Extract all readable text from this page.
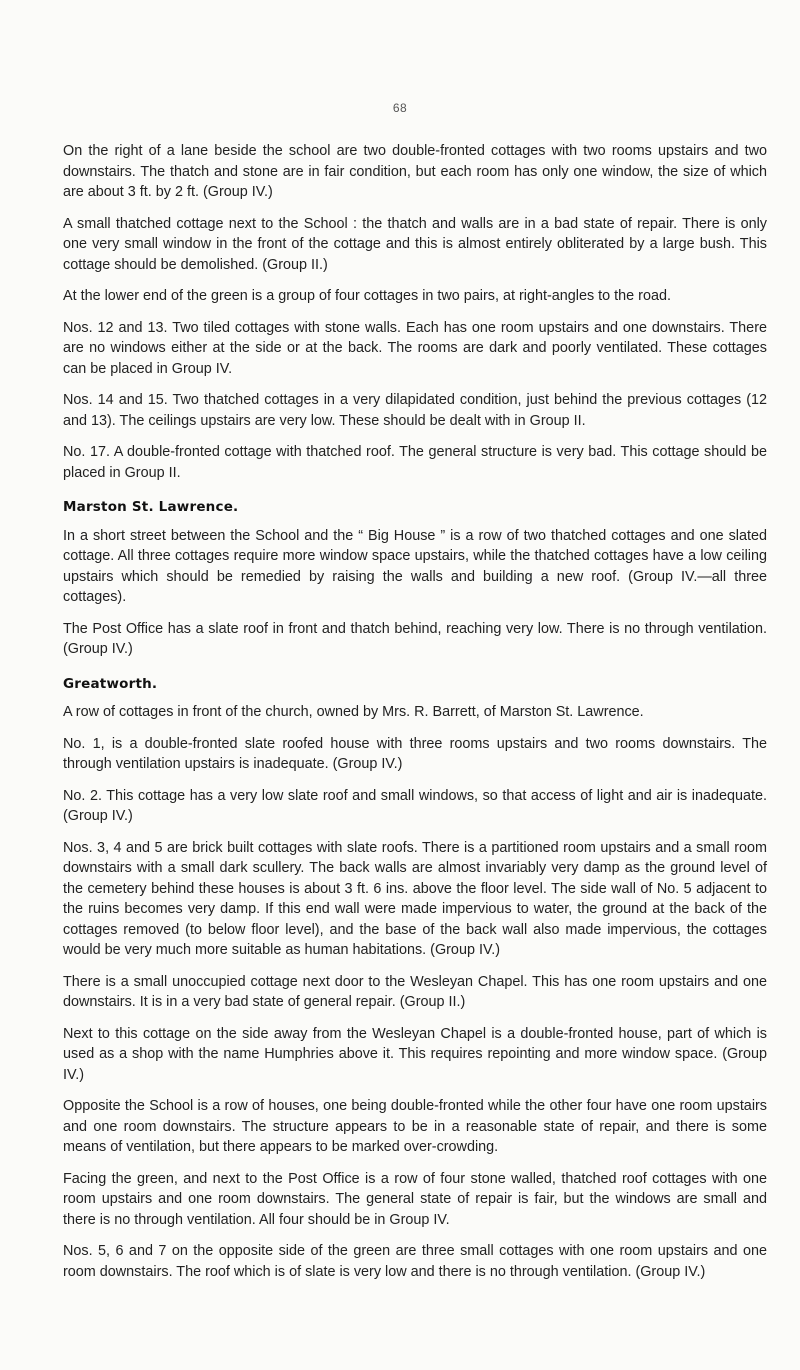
68

On the right of a lane beside the school are two double-fronted cottages with two rooms upstairs and two downstairs. The thatch and stone are in fair condition, but each room has only one window, the size of which are about 3 ft. by 2 ft. (Group IV.)

A small thatched cottage next to the School : the thatch and walls are in a bad state of repair. There is only one very small window in the front of the cottage and this is almost entirely obliterated by a large bush. This cottage should be demolished. (Group II.)

At the lower end of the green is a group of four cottages in two pairs, at right-angles to the road.

Nos. 12 and 13. Two tiled cottages with stone walls. Each has one room upstairs and one downstairs. There are no windows either at the side or at the back. The rooms are dark and poorly ventilated. These cottages can be placed in Group IV.

Nos. 14 and 15. Two thatched cottages in a very dilapidated condition, just behind the previous cottages (12 and 13). The ceilings upstairs are very low. These should be dealt with in Group II.

No. 17. A double-fronted cottage with thatched roof. The general structure is very bad. This cottage should be placed in Group II.

Marston St. Lawrence.

In a short street between the School and the “ Big House ” is a row of two thatched cottages and one slated cottage. All three cottages require more window space upstairs, while the thatched cottages have a low ceiling upstairs which should be remedied by raising the walls and building a new roof. (Group IV.—all three cottages).

The Post Office has a slate roof in front and thatch behind, reaching very low. There is no through ventilation. (Group IV.)

Greatworth.

A row of cottages in front of the church, owned by Mrs. R. Barrett, of Marston St. Lawrence.

No. 1, is a double-fronted slate roofed house with three rooms upstairs and two rooms downstairs. The through ventilation upstairs is inadequate. (Group IV.)

No. 2. This cottage has a very low slate roof and small windows, so that access of light and air is inadequate. (Group IV.)

Nos. 3, 4 and 5 are brick built cottages with slate roofs. There is a partitioned room upstairs and a small room downstairs with a small dark scullery. The back walls are almost invariably very damp as the ground level of the cemetery behind these houses is about 3 ft. 6 ins. above the floor level. The side wall of No. 5 adjacent to the ruins becomes very damp. If this end wall were made impervious to water, the ground at the back of the cottages removed (to below floor level), and the base of the back wall also made impervious, the cottages would be very much more suitable as human habitations. (Group IV.)

There is a small unoccupied cottage next door to the Wesleyan Chapel. This has one room upstairs and one downstairs. It is in a very bad state of general repair. (Group II.)

Next to this cottage on the side away from the Wesleyan Chapel is a double-fronted house, part of which is used as a shop with the name Humphries above it. This requires repointing and more window space. (Group IV.)

Opposite the School is a row of houses, one being double-fronted while the other four have one room upstairs and one room downstairs. The structure appears to be in a reasonable state of repair, and there is some means of ventilation, but there appears to be marked over-crowding.

Facing the green, and next to the Post Office is a row of four stone walled, thatched roof cottages with one room upstairs and one room downstairs. The general state of repair is fair, but the windows are small and there is no through ventilation. All four should be in Group IV.

Nos. 5, 6 and 7 on the opposite side of the green are three small cottages with one room upstairs and one room downstairs. The roof which is of slate is very low and there is no through ventilation. (Group IV.)
